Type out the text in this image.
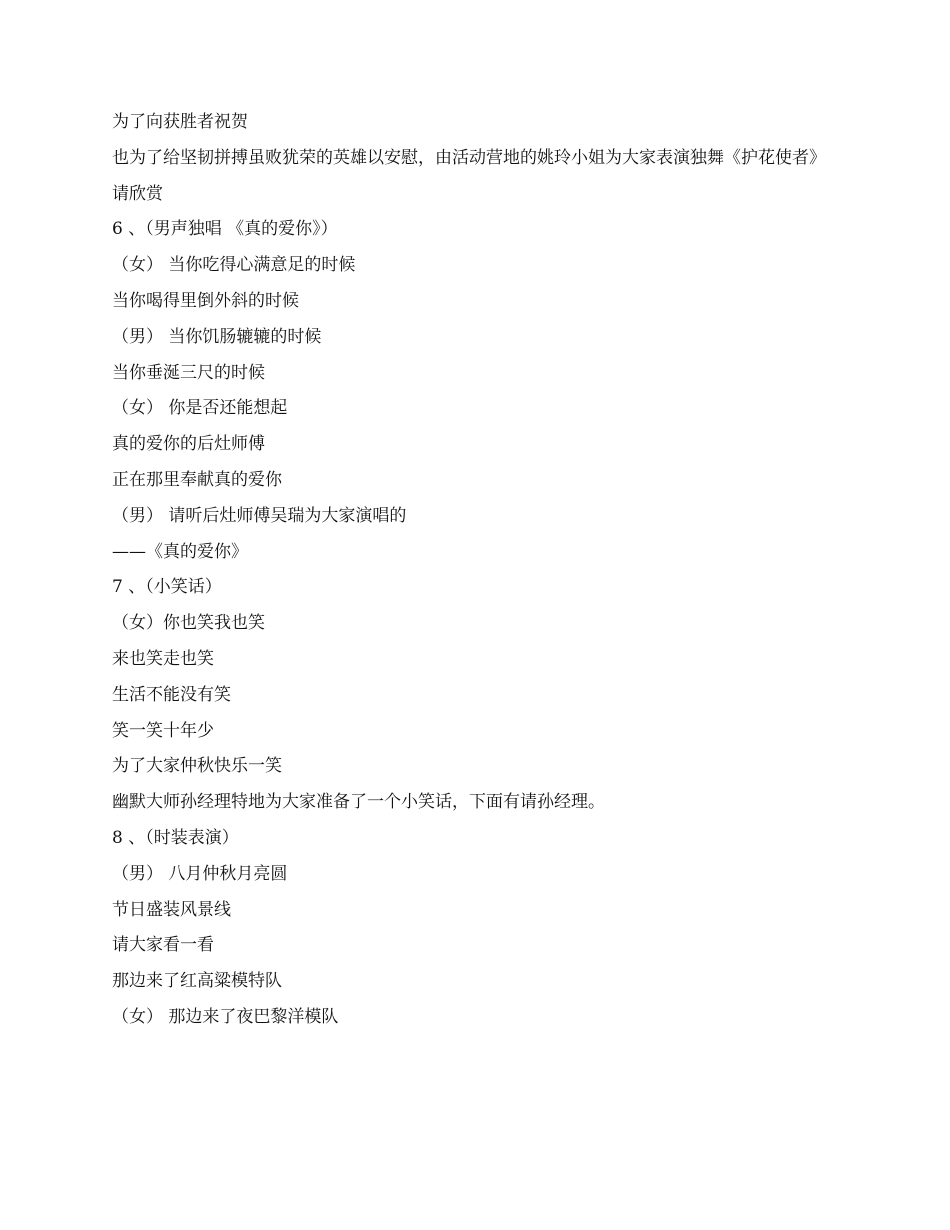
为了向获胜者祝贺

也为了给坚韧拼搏虽败犹荣的英雄以安慰，由活动营地的姚玲小姐为大家表演独舞《护花使者》

请欣赏

6 、（男声独唱 《真的爱你》）

（女） 当你吃得心满意足的时候

当你喝得里倒外斜的时候

（男） 当你饥肠辘辘的时候

当你垂涎三尺的时候

（女） 你是否还能想起

真的爱你的后灶师傅

正在那里奉献真的爱你

（男） 请听后灶师傅吴瑞为大家演唱的

——《真的爱你》

7 、（小笑话）

（女）你也笑我也笑

来也笑走也笑

生活不能没有笑

笑一笑十年少

为了大家仲秋快乐一笑

幽默大师孙经理特地为大家准备了一个小笑话，下面有请孙经理。

8 、（时装表演）

（男） 八月仲秋月亮圆

节日盛装风景线

请大家看一看

那边来了红高粱模特队

（女） 那边来了夜巴黎洋模队
